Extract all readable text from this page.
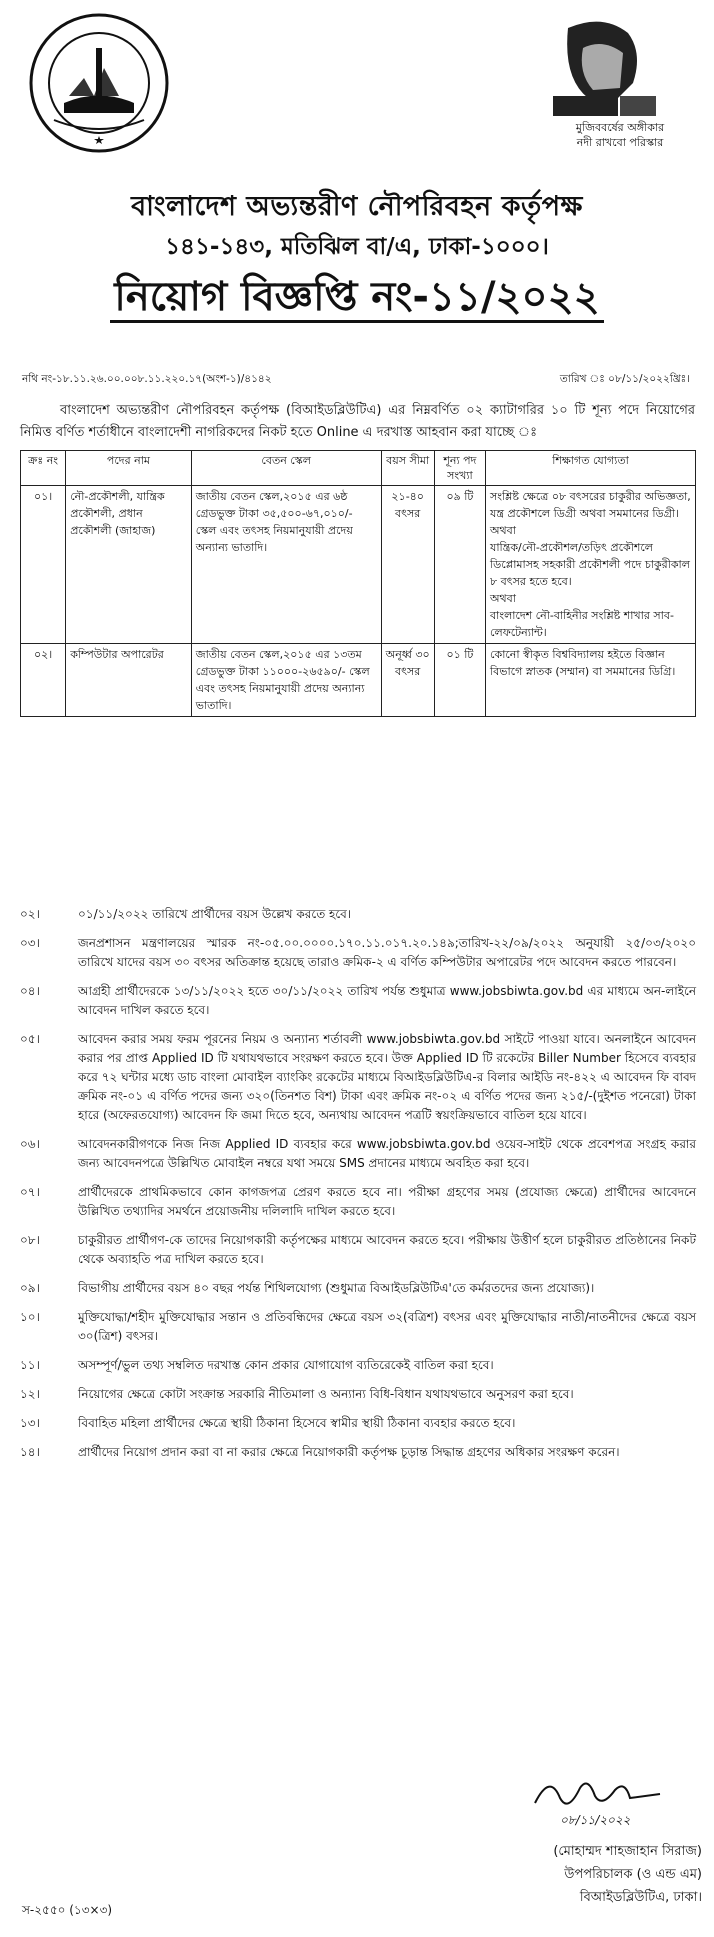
মুজিববর্ষের অঙ্গীকার
নদী রাখবো পরিস্কার
বাংলাদেশ অভ্যন্তরীণ নৌপরিবহন কর্তৃপক্ষ
১৪১-১৪৩, মতিঝিল বা/এ, ঢাকা-১০০০।
নিয়োগ বিজ্ঞপ্তি নং-১১/২০২২
নথি নং-১৮.১১.২৬.০০.০০৮.১১.২২০.১৭(অংশ-১)/৪১৪২	তারিখ ঃ ০৮/১১/২০২২খ্রিঃ।
বাংলাদেশ অভ্যন্তরীণ নৌপরিবহন কর্তৃপক্ষ (বিআইডব্লিউটিএ) এর নিম্নবর্ণিত ০২ ক্যাটাগরির ১০ টি শূন্য পদে নিয়োগের নিমিত্ত বর্ণিত শর্তাধীনে বাংলাদেশী নাগরিকদের নিকট হতে Online এ দরখাস্ত আহবান করা যাচ্ছে ঃ
ক্রঃ নং	পদের নাম	বেতন স্কেল	বয়স সীমা	শূন্য পদ সংখ্যা	শিক্ষাগত যোগ্যতা
০১।	নৌ-প্রকৌশলী, যান্ত্রিক প্রকৌশলী, প্রধান প্রকৌশলী (জাহাজ)	জাতীয় বেতন স্কেল,২০১৫ এর ৬ষ্ঠ গ্রেডভুক্ত টাকা ৩৫,৫০০-৬৭,০১০/- স্কেল এবং তৎসহ নিয়মানুযায়ী প্রদেয় অন্যান্য ভাতাদি।	২১-৪০ বৎসর	০৯ টি	সংশ্লিষ্ট ক্ষেত্রে ০৮ বৎসরের চাকুরীর অভিজ্ঞতা, যন্ত্র প্রকৌশলে ডিগ্রী অথবা সমমানের ডিগ্রী।
অথবা
যান্ত্রিক/নৌ-প্রকৌশল/তড়িৎ প্রকৌশলে ডিপ্লোমাসহ সহকারী প্রকৌশলী পদে চাকুরীকাল ৮ বৎসর হতে হবে।
অথবা
বাংলাদেশ নৌ-বাহিনীর সংশ্লিষ্ট শাখার সাব-লেফটেন্যান্ট।

০২।	কম্পিউটার অপারেটর	জাতীয় বেতন স্কেল,২০১৫ এর ১৩তম গ্রেডভুক্ত টাকা ১১০০০-২৬৫৯০/- স্কেল এবং তৎসহ নিয়মানুযায়ী প্রদেয় অন্যান্য ভাতাদি।	অনূর্ধ্ব ৩০ বৎসর	০১ টি	কোনো স্বীকৃত বিশ্ববিদ্যালয় হইতে বিজ্ঞান বিভাগে স্নাতক (সম্মান) বা সমমানের ডিগ্রি।
০২।	০১/১১/২০২২ তারিখে প্রার্থীদের বয়স উল্লেখ করতে হবে।
০৩।	জনপ্রশাসন মন্ত্রণালয়ের স্মারক নং-০৫.০০.০০০০.১৭০.১১.০১৭.২০.১৪৯;তারিখ-২২/০৯/২০২২ অনুযায়ী ২৫/০৩/২০২০ তারিখে যাদের বয়স ৩০ বৎসর অতিক্রান্ত হয়েছে তারাও ক্রমিক-২ এ বর্ণিত কম্পিউটার অপারেটর পদে আবেদন করতে পারবেন।
০৪।	আগ্রহী প্রার্থীদেরকে ১৩/১১/২০২২ হতে ৩০/১১/২০২২ তারিখ পর্যন্ত শুধুমাত্র www.jobsbiwta.gov.bd এর মাধ্যমে অন-লাইনে আবেদন দাখিল করতে হবে।
০৫।	আবেদন করার সময় ফরম পূরনের নিয়ম ও অন্যান্য শর্তাবলী www.jobsbiwta.gov.bd সাইটে পাওয়া যাবে। অনলাইনে আবেদন করার পর প্রাপ্ত Applied ID টি যথাযথভাবে সংরক্ষণ করতে হবে। উক্ত Applied ID টি রকেটের Biller Number হিসেবে ব্যবহার করে ৭২ ঘন্টার মধ্যে ডাচ বাংলা মোবাইল ব্যাংকিং রকেটের মাধ্যমে বিআইডব্লিউটিএ-র বিলার আইডি নং-৪২২ এ আবেদন ফি বাবদ ক্রমিক নং-০১ এ বর্ণিত পদের জন্য ৩২০(তিনশত বিশ) টাকা এবং ক্রমিক নং-০২ এ বর্ণিত পদের জন্য ২১৫/-(দুইশত পনেরো) টাকা হারে (অফেরতযোগ্য) আবেদন ফি জমা দিতে হবে, অন্যথায় আবেদন পত্রটি স্বয়ংক্রিয়ভাবে বাতিল হয়ে যাবে।
০৬।	আবেদনকারীগণকে নিজ নিজ Applied ID ব্যবহার করে www.jobsbiwta.gov.bd ওয়েব-সাইট থেকে প্রবেশপত্র সংগ্রহ করার জন্য আবেদনপত্রে উল্লিখিত মোবাইল নম্বরে যথা সময়ে SMS প্রদানের মাধ্যমে অবহিত করা হবে।
০৭।	প্রার্থীদেরকে প্রাথমিকভাবে কোন কাগজপত্র প্রেরণ করতে হবে না। পরীক্ষা গ্রহণের সময় (প্রযোজ্য ক্ষেত্রে) প্রার্থীদের আবেদনে উল্লিখিত তথ্যাদির সমর্থনে প্রয়োজনীয় দলিলাদি দাখিল করতে হবে।
০৮।	চাকুরীরত প্রার্থীগণ-কে তাদের নিয়োগকারী কর্তৃপক্ষের মাধ্যমে আবেদন করতে হবে। পরীক্ষায় উত্তীর্ণ হলে চাকুরীরত প্রতিষ্ঠানের নিকট থেকে অব্যাহতি পত্র দাখিল করতে হবে।
০৯।	বিভাগীয় প্রার্থীদের বয়স ৪০ বছর পর্যন্ত শিথিলযোগ্য (শুধুমাত্র বিআইডব্লিউটিএ'তে কর্মরতদের জন্য প্রযোজ্য)।
১০।	মুক্তিযোদ্ধা/শহীদ মুক্তিযোদ্ধার সন্তান ও প্রতিবন্ধিদের ক্ষেত্রে বয়স ৩২(বত্রিশ) বৎসর এবং মুক্তিযোদ্ধার নাতী/নাতনীদের ক্ষেত্রে বয়স ৩০(ত্রিশ) বৎসর।
১১।	অসম্পূর্ণ/ভুল তথ্য সম্বলিত দরখাস্ত কোন প্রকার যোগাযোগ ব্যতিরেকেই বাতিল করা হবে।
১২।	নিয়োগের ক্ষেত্রে কোটা সংক্রান্ত সরকারি নীতিমালা ও অন্যান্য বিধি-বিধান যথাযথভাবে অনুসরণ করা হবে।
১৩।	বিবাহিত মহিলা প্রার্থীদের ক্ষেত্রে স্থায়ী ঠিকানা হিসেবে স্বামীর স্থায়ী ঠিকানা ব্যবহার করতে হবে।
১৪।	প্রার্থীদের নিয়োগ প্রদান করা বা না করার ক্ষেত্রে নিয়োগকারী কর্তৃপক্ষ চূড়ান্ত সিদ্ধান্ত গ্রহণের অধিকার সংরক্ষণ করেন।
০৮/১১/২০২২
(মোহাম্মদ শাহজাহান সিরাজ)
উপপরিচালক (ও এন্ড এম)
বিআইডব্লিউটিএ, ঢাকা।
স-২৫৫০ (১৩×৩)
